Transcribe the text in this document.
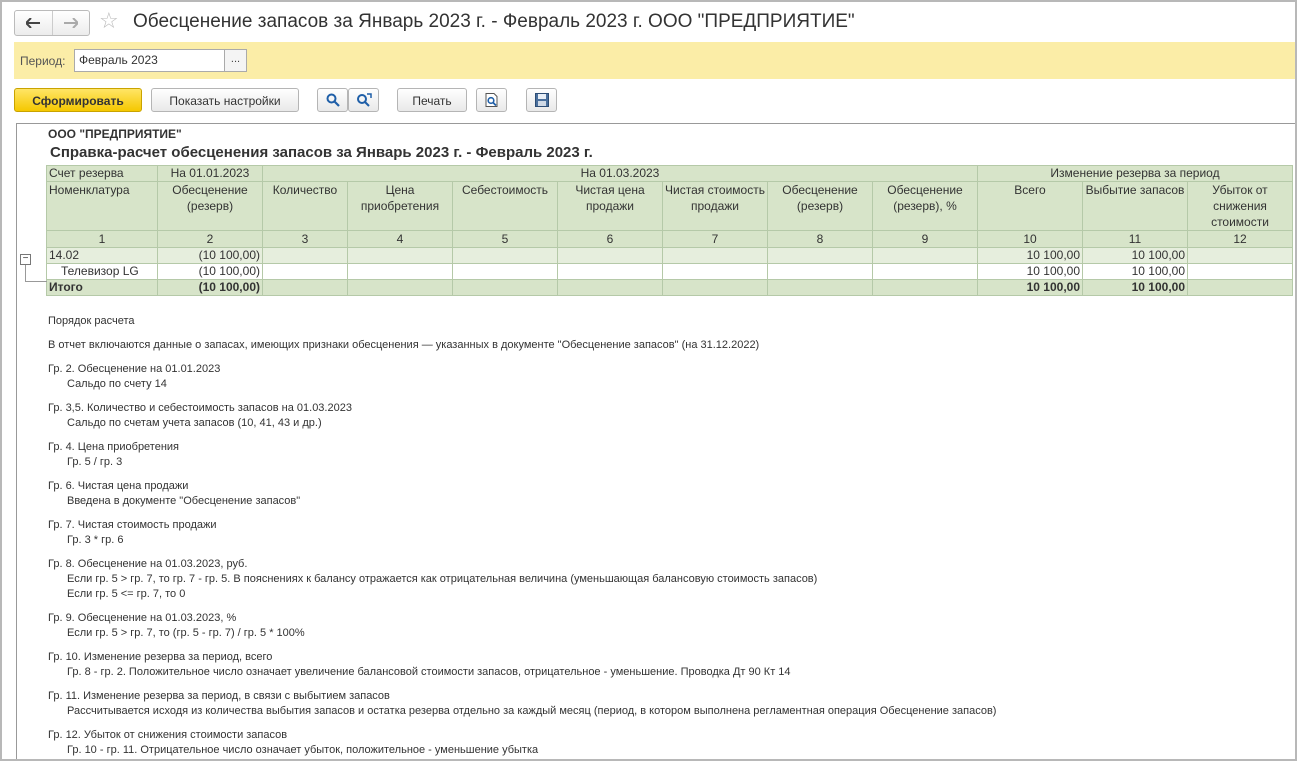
☆ Обесценение запасов за Январь 2023 г. - Февраль 2023 г. ООО "ПРЕДПРИЯТИЕ"
Период:	Февраль 2023	...
Сформировать	Показать настройки	Печать
ООО "ПРЕДПРИЯТИЕ"
Справка-расчет обесценения запасов за Январь 2023 г. - Февраль 2023 г.
Счет резерва	На 01.01.2023	На 01.03.2023							Изменение резерва за период		
Номенклатура	Обесценение (резерв)	Количество	Цена приобретения	Себестоимость	Чистая цена продажи	Чистая стоимость продажи	Обесценение (резерв)	Обесценение (резерв), %	Всего	Выбытие запасов	Убыток от снижения стоимости
1	2	3	4	5	6	7	8	9	10	11	12
14.02	(10 100,00)								10 100,00	10 100,00	
Телевизор LG	(10 100,00)								10 100,00	10 100,00	
Итого	(10 100,00)								10 100,00	10 100,00	
−
Порядок расчета
В отчет включаются данные о запасах, имеющих признаки обесценения — указанных в документе "Обесценение запасов" (на 31.12.2022)
Гр. 2. Обесценение на 01.01.2023
Сальдо по счету 14
Гр. 3,5. Количество и себестоимость запасов на 01.03.2023
Сальдо по счетам учета запасов (10, 41, 43 и др.)
Гр. 4. Цена приобретения
Гр. 5 / гр. 3
Гр. 6. Чистая цена продажи
Введена в документе "Обесценение запасов"
Гр. 7. Чистая стоимость продажи
Гр. 3 * гр. 6
Гр. 8. Обесценение на 01.03.2023, руб.
Если гр. 5 > гр. 7, то гр. 7 - гр. 5. В пояснениях к балансу отражается как отрицательная величина (уменьшающая балансовую стоимость запасов)
Если гр. 5 <= гр. 7, то 0
Гр. 9. Обесценение на 01.03.2023, %
Если гр. 5 > гр. 7, то (гр. 5 - гр. 7) / гр. 5 * 100%
Гр. 10. Изменение резерва за период, всего
Гр. 8 - гр. 2. Положительное число означает увеличение балансовой стоимости запасов, отрицательное - уменьшение. Проводка Дт 90 Кт 14
Гр. 11. Изменение резерва за период, в связи с выбытием запасов
Рассчитывается исходя из количества выбытия запасов и остатка резерва отдельно за каждый месяц (период, в котором выполнена регламентная операция Обесценение запасов)
Гр. 12. Убыток от снижения стоимости запасов
Гр. 10 - гр. 11. Отрицательное число означает убыток, положительное - уменьшение убытка
